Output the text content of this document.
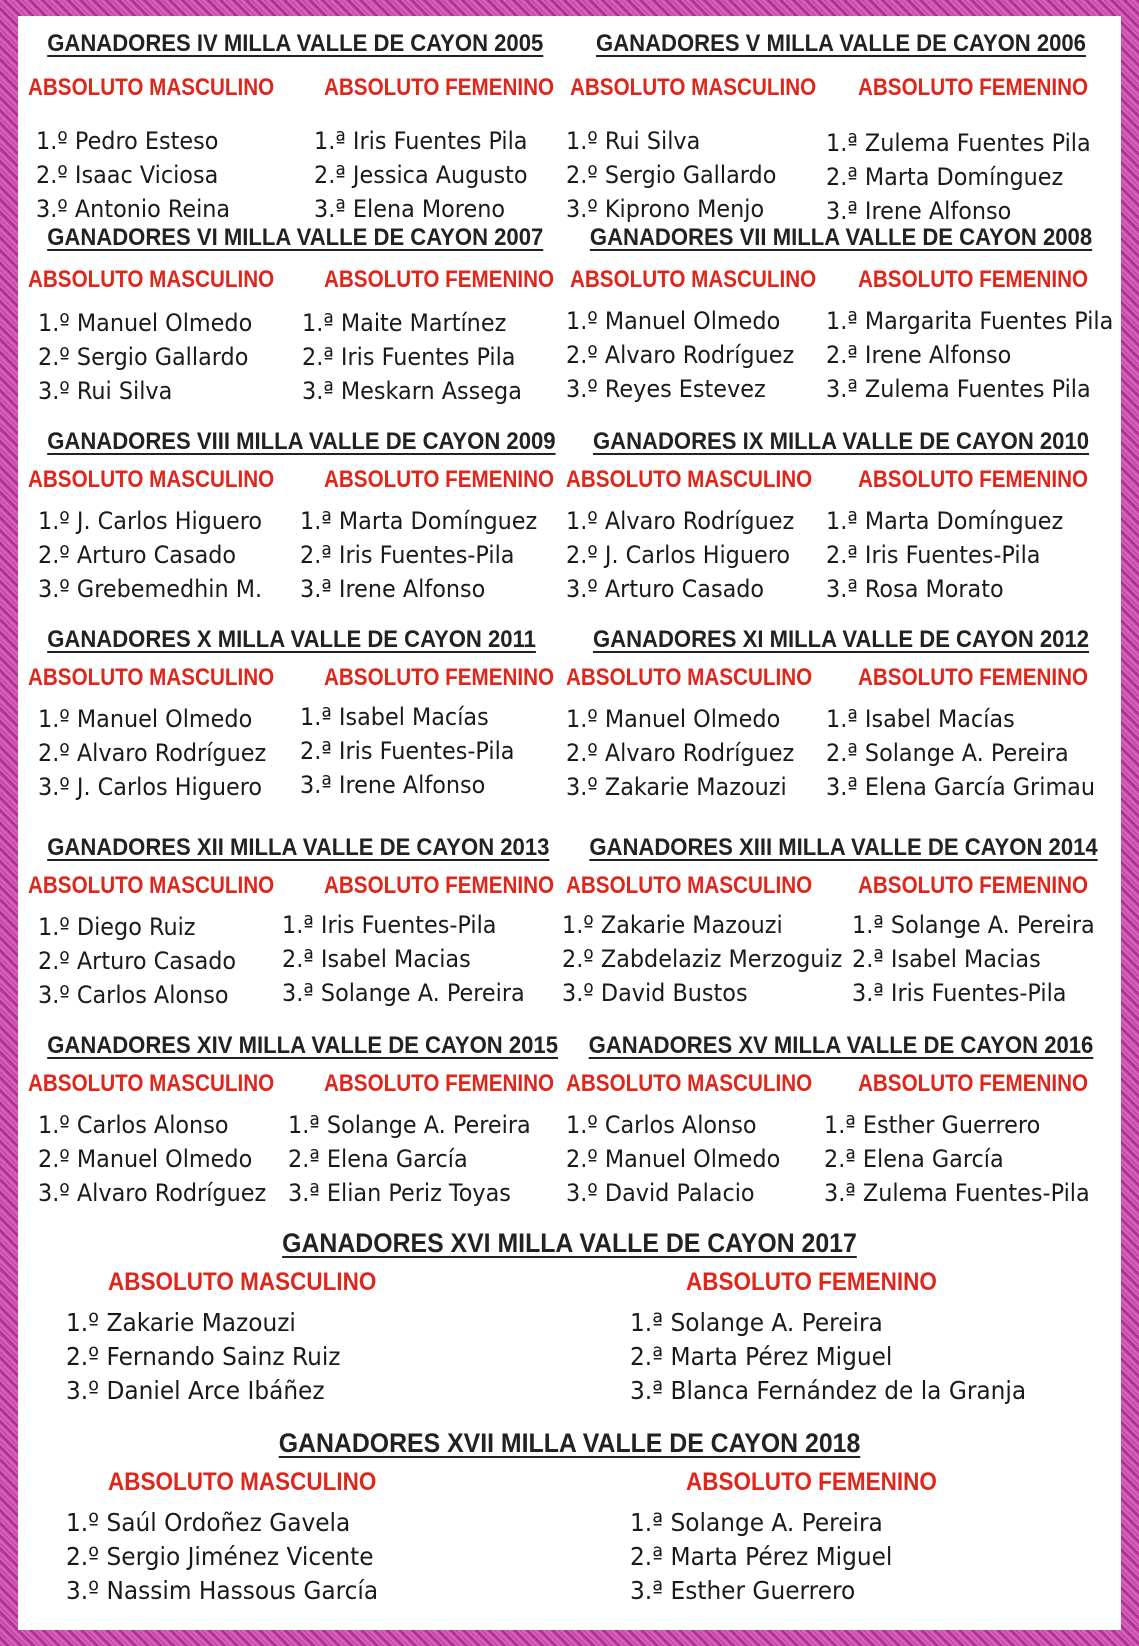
GANADORES IV MILLA VALLE DE CAYON 2005
ABSOLUTO MASCULINO ABSOLUTO FEMENINO
1.º Pedro Esteso
2.º Isaac Viciosa
3.º Antonio Reina
1.ª Iris Fuentes Pila
2.ª Jessica Augusto
3.ª Elena Moreno
GANADORES V MILLA VALLE DE CAYON 2006
ABSOLUTO MASCULINO ABSOLUTO FEMENINO
1.º Rui Silva
2.º Sergio Gallardo
3.º Kiprono Menjo
1.ª Zulema Fuentes Pila
2.ª Marta Domínguez
3.ª Irene Alfonso
GANADORES VI MILLA VALLE DE CAYON 2007
ABSOLUTO MASCULINO ABSOLUTO FEMENINO
1.º Manuel Olmedo
2.º Sergio Gallardo
3.º Rui Silva
1.ª Maite Martínez
2.ª Iris Fuentes Pila
3.ª Meskarn Assega
GANADORES VII MILLA VALLE DE CAYON 2008
ABSOLUTO MASCULINO ABSOLUTO FEMENINO
1.º Manuel Olmedo
2.º Alvaro Rodríguez
3.º Reyes Estevez
1.ª Margarita Fuentes Pila
2.ª Irene Alfonso
3.ª Zulema Fuentes Pila
GANADORES VIII MILLA VALLE DE CAYON 2009
ABSOLUTO MASCULINO ABSOLUTO FEMENINO
1.º J. Carlos Higuero
2.º Arturo Casado
3.º Grebemedhin M.
1.ª Marta Domínguez
2.ª Iris Fuentes-Pila
3.ª Irene Alfonso
GANADORES IX MILLA VALLE DE CAYON 2010
ABSOLUTO MASCULINO ABSOLUTO FEMENINO
1.º Alvaro Rodríguez
2.º J. Carlos Higuero
3.º Arturo Casado
1.ª Marta Domínguez
2.ª Iris Fuentes-Pila
3.ª Rosa Morato
GANADORES X MILLA VALLE DE CAYON 2011
ABSOLUTO MASCULINO ABSOLUTO FEMENINO
1.º Manuel Olmedo
2.º Alvaro Rodríguez
3.º J. Carlos Higuero
1.ª Isabel Macías
2.ª Iris Fuentes-Pila
3.ª Irene Alfonso
GANADORES XI MILLA VALLE DE CAYON 2012
ABSOLUTO MASCULINO ABSOLUTO FEMENINO
1.º Manuel Olmedo
2.º Alvaro Rodríguez
3.º Zakarie Mazouzi
1.ª Isabel Macías
2.ª Solange A. Pereira
3.ª Elena García Grimau
GANADORES XII MILLA VALLE DE CAYON 2013
ABSOLUTO MASCULINO ABSOLUTO FEMENINO
1.º Diego Ruiz
2.º Arturo Casado
3.º Carlos Alonso
1.ª Iris Fuentes-Pila
2.ª Isabel Macias
3.ª Solange A. Pereira
GANADORES XIII MILLA VALLE DE CAYON 2014
ABSOLUTO MASCULINO ABSOLUTO FEMENINO
1.º Zakarie Mazouzi
2.º Zabdelaziz Merzoguiz
3.º David Bustos
1.ª Solange A. Pereira
2.ª Isabel Macias
3.ª Iris Fuentes-Pila
GANADORES XIV MILLA VALLE DE CAYON 2015
ABSOLUTO MASCULINO ABSOLUTO FEMENINO
1.º Carlos Alonso
2.º Manuel Olmedo
3.º Alvaro Rodríguez
1.ª Solange A. Pereira
2.ª Elena García
3.ª Elian Periz Toyas
GANADORES XV MILLA VALLE DE CAYON 2016
ABSOLUTO MASCULINO ABSOLUTO FEMENINO
1.º Carlos Alonso
2.º Manuel Olmedo
3.º David Palacio
1.ª Esther Guerrero
2.ª Elena García
3.ª Zulema Fuentes-Pila
GANADORES XVI MILLA VALLE DE CAYON 2017
ABSOLUTO MASCULINO	ABSOLUTO FEMENINO
1.º Zakarie Mazouzi
2.º Fernando Sainz Ruiz
3.º Daniel Arce Ibáñez
1.ª Solange A. Pereira
2.ª Marta Pérez Miguel
3.ª Blanca Fernández de la Granja
GANADORES XVII MILLA VALLE DE CAYON 2018
ABSOLUTO MASCULINO	ABSOLUTO FEMENINO
1.º Saúl Ordoñez Gavela
2.º Sergio Jiménez Vicente
3.º Nassim Hassous García
1.ª Solange A. Pereira
2.ª Marta Pérez Miguel
3.ª Esther Guerrero
